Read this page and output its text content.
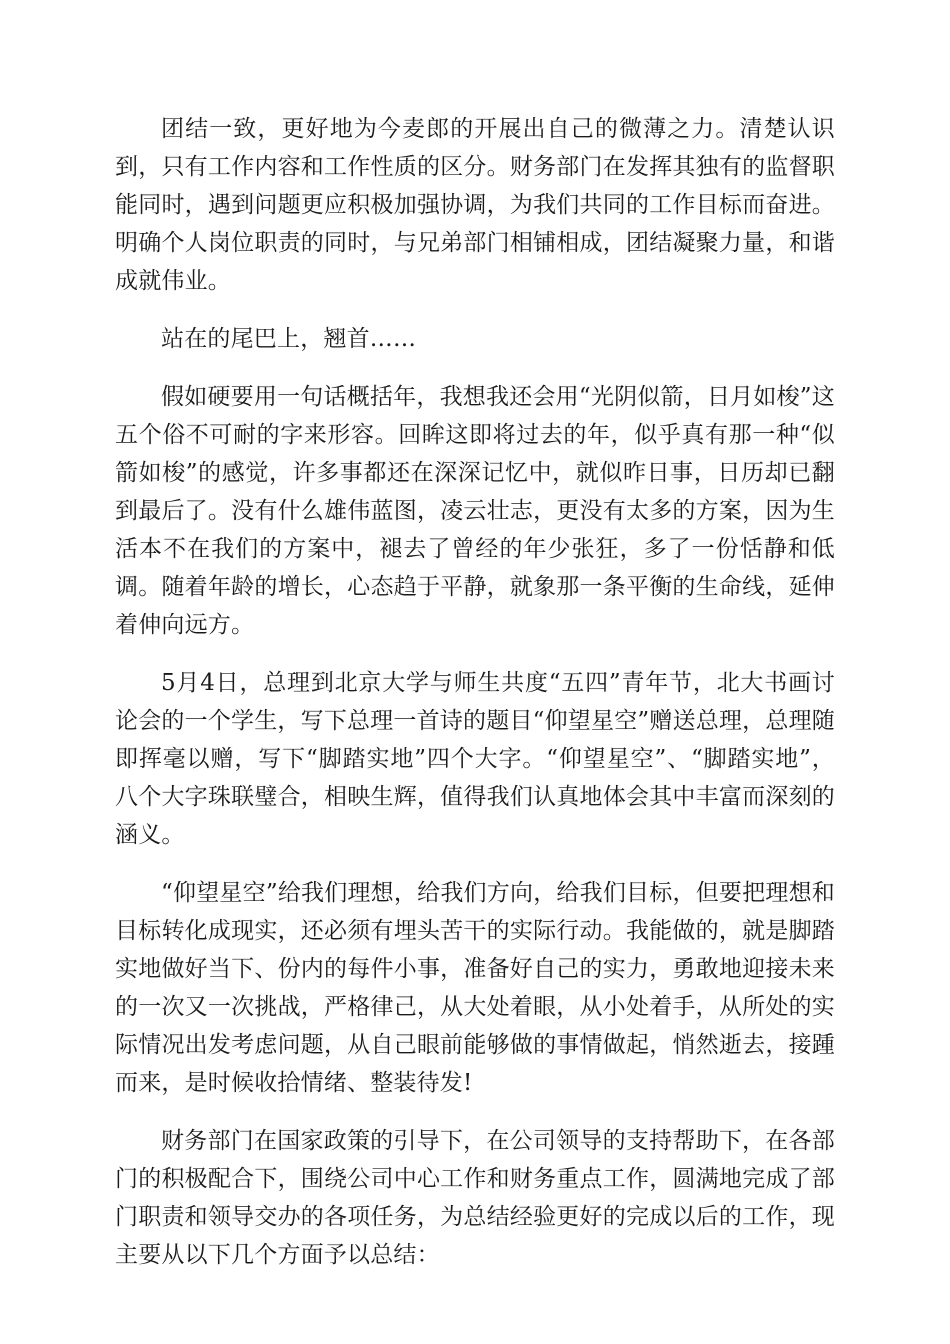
团结一致，更好地为今麦郎的开展出自己的微薄之力。清楚认识到，只有工作内容和工作性质的区分。财务部门在发挥其独有的监督职能同时，遇到问题更应积极加强协调，为我们共同的工作目标而奋进。明确个人岗位职责的同时，与兄弟部门相铺相成，团结凝聚力量，和谐成就伟业。

站在的尾巴上，翘首……

假如硬要用一句话概括年，我想我还会用“光阴似箭，日月如梭”这五个俗不可耐的字来形容。回眸这即将过去的年，似乎真有那一种“似箭如梭”的感觉，许多事都还在深深记忆中，就似昨日事，日历却已翻到最后了。没有什么雄伟蓝图，凌云壮志，更没有太多的方案，因为生活本不在我们的方案中，褪去了曾经的年少张狂，多了一份恬静和低调。随着年龄的增长，心态趋于平静，就象那一条平衡的生命线，延伸着伸向远方。

5月4日，总理到北京大学与师生共度“五四”青年节，北大书画讨论会的一个学生，写下总理一首诗的题目“仰望星空”赠送总理，总理随即挥毫以赠，写下“脚踏实地”四个大字。“仰望星空”、“脚踏实地”，八个大字珠联璧合，相映生辉，值得我们认真地体会其中丰富而深刻的涵义。

“仰望星空”给我们理想，给我们方向，给我们目标，但要把理想和目标转化成现实，还必须有埋头苦干的实际行动。我能做的，就是脚踏实地做好当下、份内的每件小事，准备好自己的实力，勇敢地迎接未来的一次又一次挑战，严格律己，从大处着眼，从小处着手，从所处的实际情况出发考虑问题，从自己眼前能够做的事情做起，悄然逝去，接踵而来，是时候收拾情绪、整装待发!

财务部门在国家政策的引导下，在公司领导的支持帮助下，在各部门的积极配合下，围绕公司中心工作和财务重点工作，圆满地完成了部门职责和领导交办的各项任务，为总结经验更好的完成以后的工作，现主要从以下几个方面予以总结：
